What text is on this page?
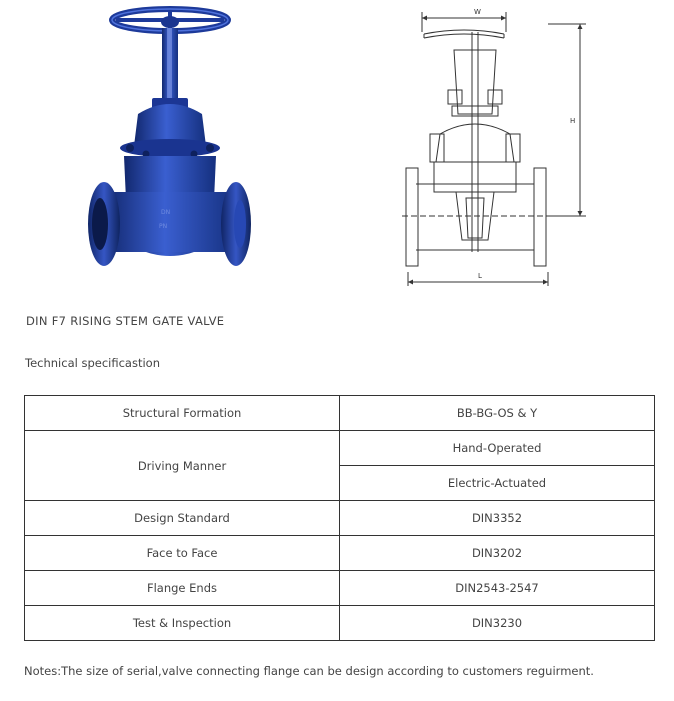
DN
PN
W
H
L
DIN F7 RISING STEM GATE VALVE
Technical specificastion
Structural Formation	BB-BG-OS & Y
Driving Manner	Hand-Operated
	Electric-Actuated
Design Standard	DIN3352
Face to Face	DIN3202
Flange Ends	DIN2543-2547
Test & Inspection	DIN3230
Notes:The size of serial,valve connecting flange can be design according to customers reguirment.
